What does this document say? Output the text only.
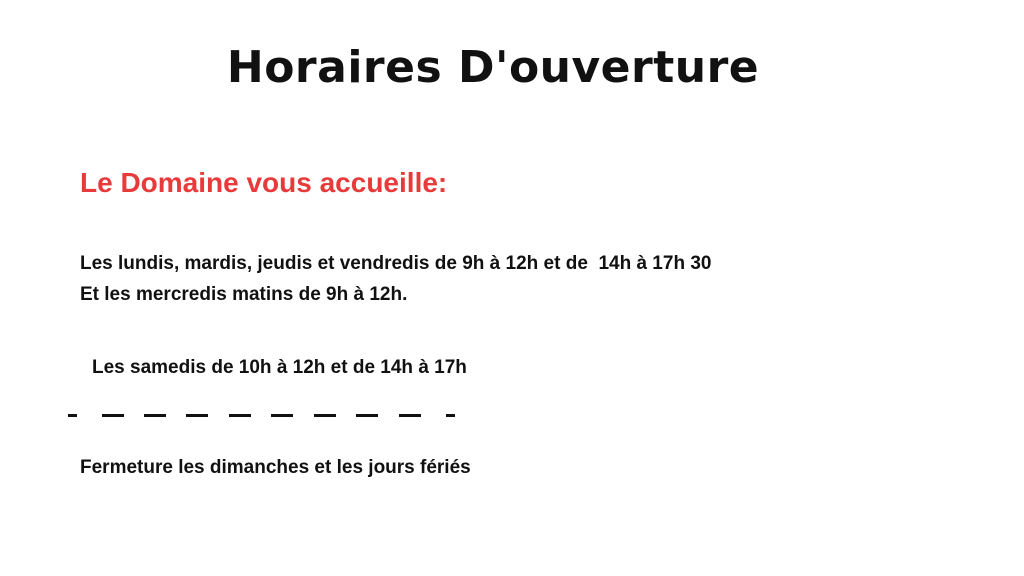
Horaires D'ouverture
Le Domaine vous accueille:
Les lundis, mardis, jeudis et vendredis de 9h à 12h et de  14h à 17h 30
Et les mercredis matins de 9h à 12h.
Les samedis de 10h à 12h et de 14h à 17h
Fermeture les dimanches et les jours fériés
